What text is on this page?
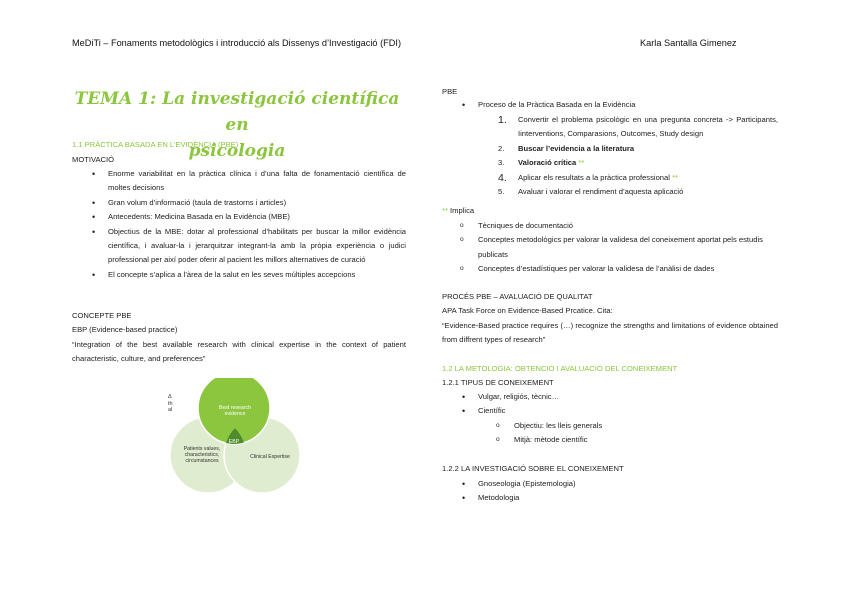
MeDiTi – Fonaments metodològics i introducció als Dissenys d’Investigació (FDI)	Karla Santalla Gimenez
TEMA 1: La investigació científica en
psicologia
1.1 PRÀCTICA BASADA EN L’EVIDÈNCIA (PBE)
MOTIVACIÓ
• Enorme variabilitat en la pràctica clínica i d’una falta de fonamentació científica de moltes decisions
• Gran volum d’informació (taula de trastorns i articles)
• Antecedents: Medicina Basada en la Evidència (MBE)
• Objectius de la MBE: dotar al professional d’habilitats per buscar la millor evidència científica, i avaluar-la i jerarquitzar integrant-la amb la pròpia experiència o judici professional per així poder oferir al pacient les millors alternatives de curació
• El concepte s’aplica a l’àrea de la salut en les seves múltiples accepcions
CONCEPTE PBE
EBP (Evidence-based practice)
“Integration of the best available research with clinical expertise in the context of patient characteristic, culture, and preferences”
Best research evidence
Patients values, characteristics, circumstances
Clinical Expertise
EBP
Δ
th
al
PBE
• Proceso de la Pràctica Basada en la Evidència
1. Convertir el problema psicològic en una pregunta concreta -> Participants, Iinterventions, Comparasions, Outcomes, Study design
2. Buscar l’evidencia a la literatura
3. Valoració crítica **
4. Aplicar els resultats a la pràctica professional **
5. Avaluar i valorar el rendiment d’aquesta aplicació
** Implica
o Tècniques de documentació
o Conceptes metodològics per valorar la validesa del coneixement aportat pels estudis publicats
o Conceptes d’estadístiques per valorar la validesa de l’anàlisi de dades
PROCÉS PBE – AVALUACIÓ DE QUALITAT
APA Task Force on Evidence-Based Prcatice. Cita:
“Evidence-Based practice requires (…) recognize the strengths and limitations of evidence obtained from diffrent types of research”
1.2 LA METOLOGIA: OBTENCIÓ I AVALUACIÓ DEL CONEIXEMENT
1.2.1 TIPUS DE CONEIXEMENT
• Vulgar, religiós, tècnic…
• Científic
o Objectiu: les lleis generals
o Mitjà: mètode científic
1.2.2 LA INVESTIGACIÓ SOBRE EL CONEIXEMENT
• Gnoseologia (Epistemologia)
• Metodologia
